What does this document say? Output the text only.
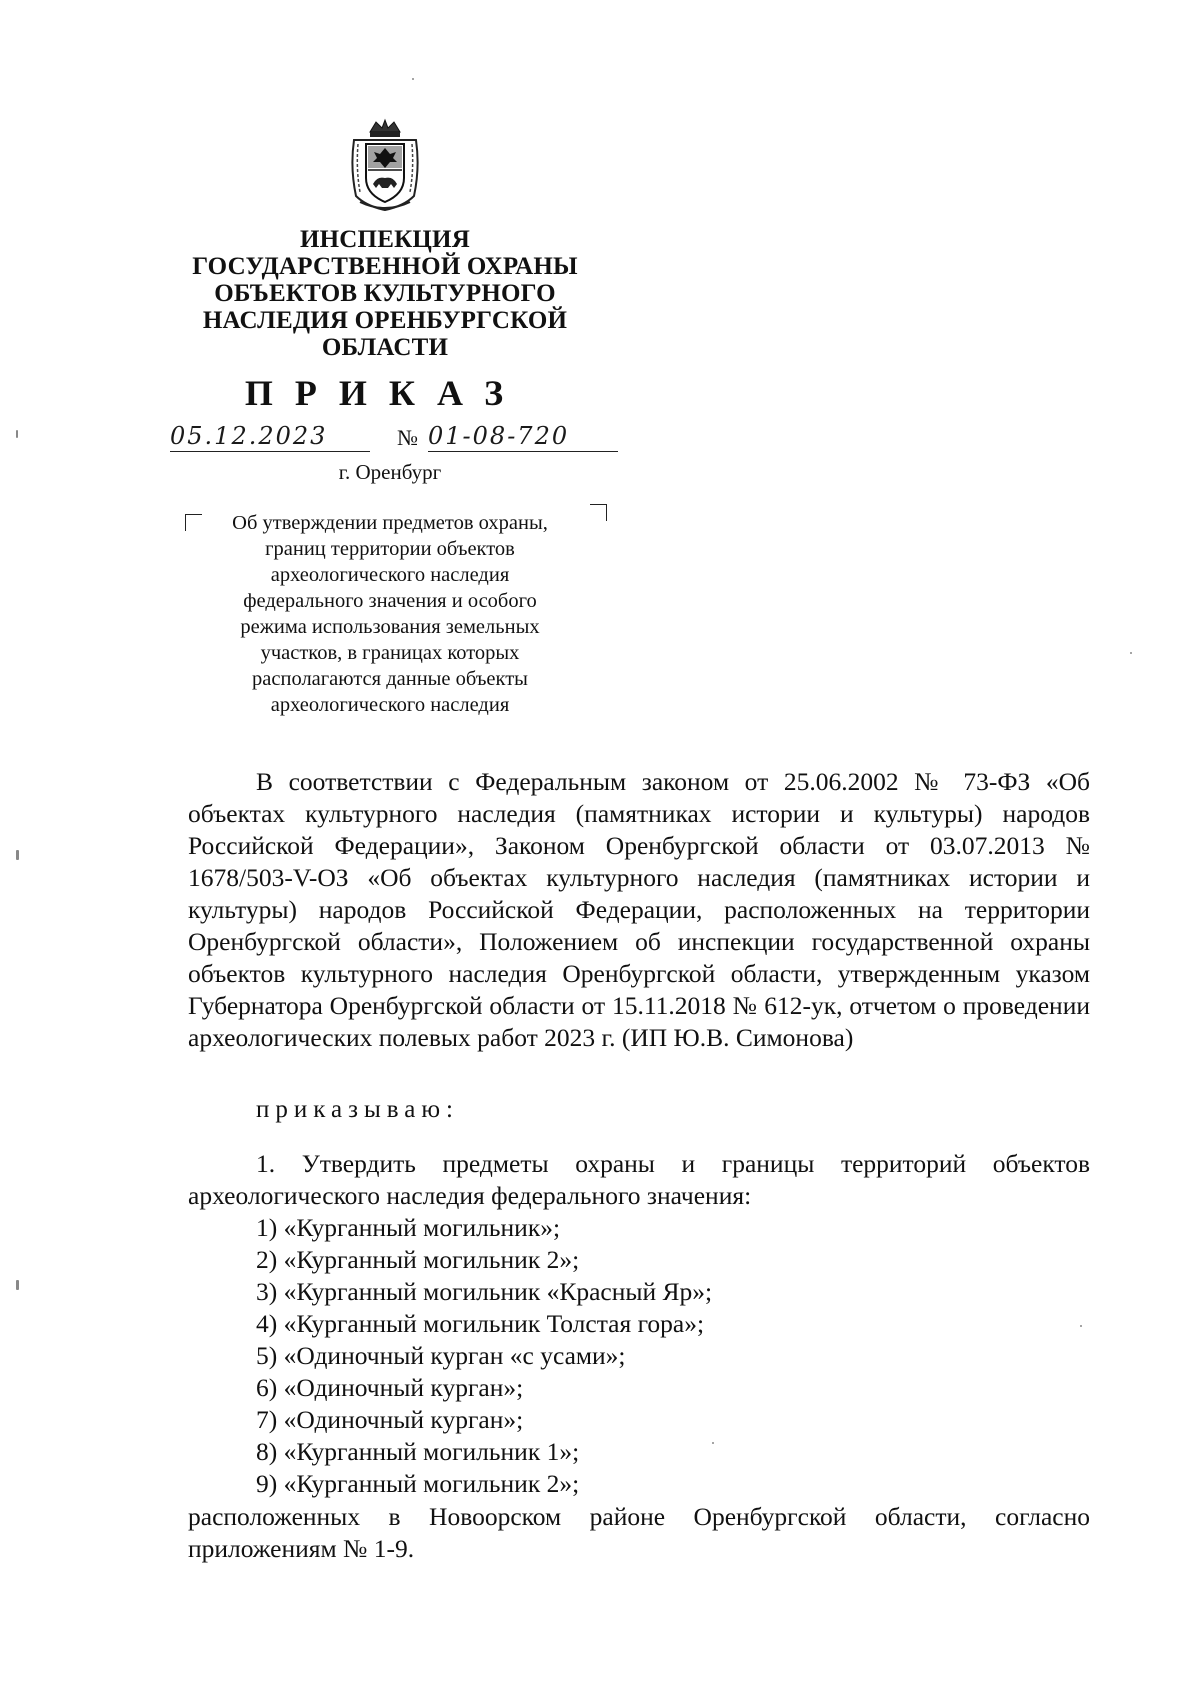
ИНСПЕКЦИЯ
ГОСУДАРСТВЕННОЙ ОХРАНЫ
ОБЪЕКТОВ КУЛЬТУРНОГО
НАСЛЕДИЯ ОРЕНБУРГСКОЙ
ОБЛАСТИ
ПРИКАЗ
05.12.2023	№ 01-08-720
г. Оренбург
Об утверждении предметов охраны,
границ территории объектов
археологического наследия
федерального значения и особого
режима использования земельных
участков, в границах которых
располагаются данные объекты
археологического наследия

В соответствии с Федеральным законом от 25.06.2002 № 73-ФЗ «Об объектах культурного наследия (памятниках истории и культуры) народов Российской Федерации», Законом Оренбургской области от 03.07.2013 № 1678/503-V-ОЗ «Об объектах культурного наследия (памятниках истории и культуры) народов Российской Федерации, расположенных на территории Оренбургской области», Положением об инспекции государственной охраны объектов культурного наследия Оренбургской области, утвержденным указом Губернатора Оренбургской области от 15.11.2018 № 612-ук, отчетом о проведении археологических полевых работ 2023 г. (ИП Ю.В. Симонова)

приказываю:

1. Утвердить предметы охраны и границы территорий объектов археологического наследия федерального значения:

1) «Курганный могильник»;
2) «Курганный могильник 2»;
3) «Курганный могильник «Красный Яр»;
4) «Курганный могильник Толстая гора»;
5) «Одиночный курган «с усами»;
6) «Одиночный курган»;
7) «Одиночный курган»;
8) «Курганный могильник 1»;
9) «Курганный могильник 2»;

расположенных в Новоорском районе Оренбургской области, согласно приложениям № 1-9.
